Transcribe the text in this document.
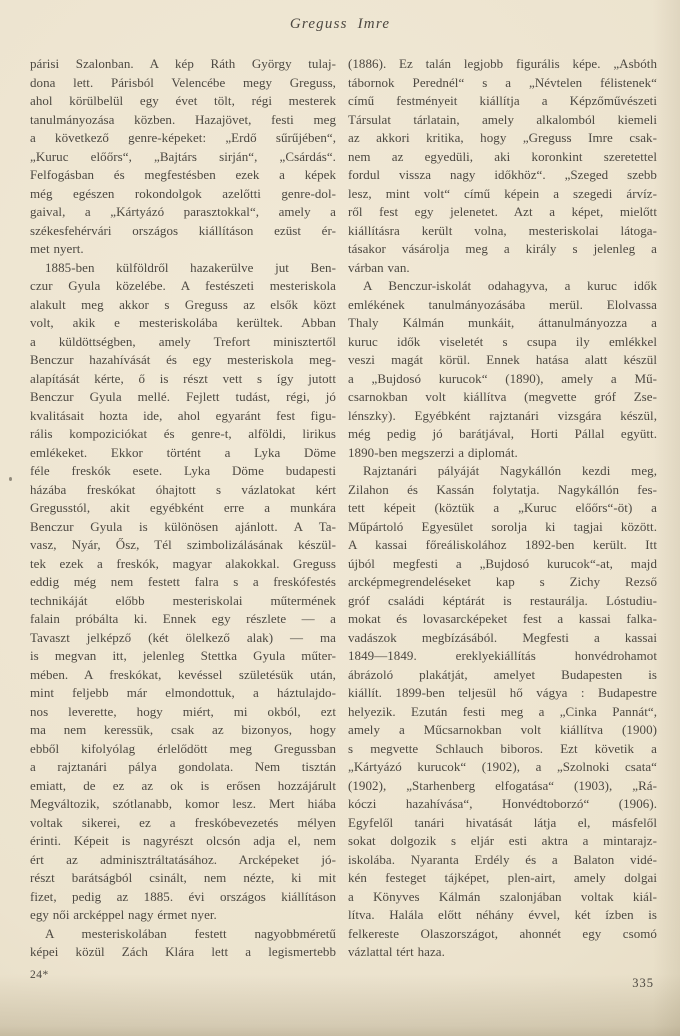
Greguss Imre
párisi Szalonban. A kép Ráth György tulaj-
dona lett. Párisból Velencébe megy Greguss,
ahol körülbelül egy évet tölt, régi mesterek
tanulmányozása közben. Hazajövet, festi meg
a következő genre-képeket: „Erdő sűrűjében“,
„Kuruc előőrs“, „Bajtárs sirján“, „Csárdás“.
Felfogásban és megfestésben ezek a képek
még egészen rokondolgok azelőtti genre-dol-
gaival, a „Kártyázó parasztokkal“, amely a
székesfehérvári országos kiállításon ezüst ér-
met nyert.
1885-ben külföldről hazakerülve jut Ben-
czur Gyula közelébe. A festészeti mesteriskola
alakult meg akkor s Greguss az elsők közt
volt, akik e mesteriskolába kerültek. Abban
a küldöttségben, amely Trefort minisztertől
Benczur hazahívását és egy mesteriskola meg-
alapítását kérte, ő is részt vett s így jutott
Benczur Gyula mellé. Fejlett tudást, régi, jó
kvalitásait hozta ide, ahol egyaránt fest figu-
rális kompoziciókat és genre-t, alföldi, lirikus
emlékeket. Ekkor történt a Lyka Döme
féle freskók esete. Lyka Döme budapesti
házába freskókat óhajtott s vázlatokat kért
Gregusstól, akit egyébként erre a munkára
Benczur Gyula is különösen ajánlott. A Ta-
vasz, Nyár, Ősz, Tél szimbolizálásának készül-
tek ezek a freskók, magyar alakokkal. Greguss
eddig még nem festett falra s a freskófestés
technikáját előbb mesteriskolai műtermének
falain próbálta ki. Ennek egy részlete — a
Tavaszt jelképző (két ölelkező alak) — ma
is megvan itt, jelenleg Stettka Gyula műter-
mében. A freskókat, kevéssel születésük után,
mint feljebb már elmondottuk, a háztulajdo-
nos leverette, hogy miért, mi okból, ezt
ma nem keressük, csak az bizonyos, hogy
ebből kifolyólag érlelődött meg Gregussban
a rajztanári pálya gondolata. Nem tisztán
emiatt, de ez az ok is erősen hozzájárult
Megváltozik, szótlanabb, komor lesz. Mert hiába
voltak sikerei, ez a freskóbevezetés mélyen
érinti. Képeit is nagyrészt olcsón adja el, nem
ért az adminisztráltatásához. Arcképeket jó-
részt barátságból csinált, nem nézte, ki mit
fizet, pedig az 1885. évi országos kiállításon
egy női arcképpel nagy érmet nyer.
A mesteriskolában festett nagyobbméretű
képei közül Zách Klára lett a legismertebb
(1886). Ez talán legjobb figurális képe. „Asbóth
tábornok Perednél“ s a „Névtelen félistenek“
című festményeit kiállítja a Képzőművészeti
Társulat tárlatain, amely alkalomból kiemeli
az akkori kritika, hogy „Greguss Imre csak-
nem az egyedüli, aki koronkint szeretettel
fordul vissza nagy időkhöz“. „Szeged szebb
lesz, mint volt“ című képein a szegedi árvíz-
ről fest egy jelenetet. Azt a képet, mielőtt
kiállításra került volna, mesteriskolai látoga-
tásakor vásárolja meg a király s jelenleg a
várban van.
A Benczur-iskolát odahagyva, a kuruc idők
emlékének tanulmányozásába merül. Elolvassa
Thaly Kálmán munkáit, áttanulmányozza a
kuruc idők viseletét s csupa ily emlékkel
veszi magát körül. Ennek hatása alatt készül
a „Bujdosó kurucok“ (1890), amely a Mű-
csarnokban volt kiállítva (megvette gróf Zse-
lénszky). Egyébként rajztanári vizsgára készül,
még pedig jó barátjával, Horti Pállal együtt.
1890-ben megszerzi a diplomát.
Rajztanári pályáját Nagykállón kezdi meg,
Zilahon és Kassán folytatja. Nagykállón fes-
tett képeit (köztük a „Kuruc előőrs“-öt) a
Műpártoló Egyesület sorolja ki tagjai között.
A kassai főreáliskolához 1892-ben került. Itt
újból megfesti a „Bujdosó kurucok“-at, majd
arcképmegrendeléseket kap s Zichy Rezső
gróf családi képtárát is restaurálja. Lóstudiu-
mokat és lovasarcképeket fest a kassai falka-
vadászok megbízásából. Megfesti a kassai
1849—1849. ereklyekiállítás honvédrohamot
ábrázoló plakátját, amelyet Budapesten is
kiállít. 1899-ben teljesül hő vágya : Budapestre
helyezik. Ezután festi meg a „Cinka Pannát“,
amely a Műcsarnokban volt kiállítva (1900)
s megvette Schlauch biboros. Ezt követik a
„Kártyázó kurucok“ (1902), a „Szolnoki csata“
(1902), „Starhenberg elfogatása“ (1903), „Rá-
kóczi hazahívása“, Honvédtoborzó“ (1906).
Egyfelől tanári hivatását látja el, másfelől
sokat dolgozik s eljár esti aktra a mintarajz-
iskolába. Nyaranta Erdély és a Balaton vidé-
kén festeget tájképet, plen-airt, amely dolgai
a Könyves Kálmán szalonjában voltak kiál-
lítva. Halála előtt néhány évvel, két ízben is
felkereste Olaszországot, ahonnét egy csomó
vázlattal tért haza.
24*
335
